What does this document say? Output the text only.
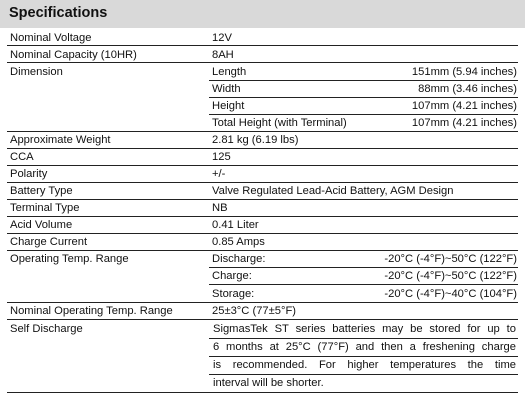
Specifications
Nominal Voltage	12V
Nominal Capacity (10HR)	8AH
Dimension	Length	151mm (5.94 inches)
Width	88mm (3.46 inches)
Height	107mm (4.21 inches)
Total Height (with Terminal)	107mm (4.21 inches)
Approximate Weight	2.81 kg (6.19 lbs)
CCA	125
Polarity	+/-
Battery Type	Valve Regulated Lead-Acid Battery, AGM Design
Terminal Type	NB
Acid Volume	0.41 Liter
Charge Current	0.85 Amps
Operating Temp. Range	Discharge:	-20°C (-4°F)~50°C (122°F)
Charge:	-20°C (-4°F)~50°C (122°F)
Storage:	-20°C (-4°F)~40°C (104°F)
Nominal Operating Temp. Range	25±3°C (77±5°F)
Self Discharge	SigmasTek ST series batteries may be stored for up to
6 months at 25°C (77°F) and then a freshening charge
is recommended. For higher temperatures the time
interval will be shorter.
